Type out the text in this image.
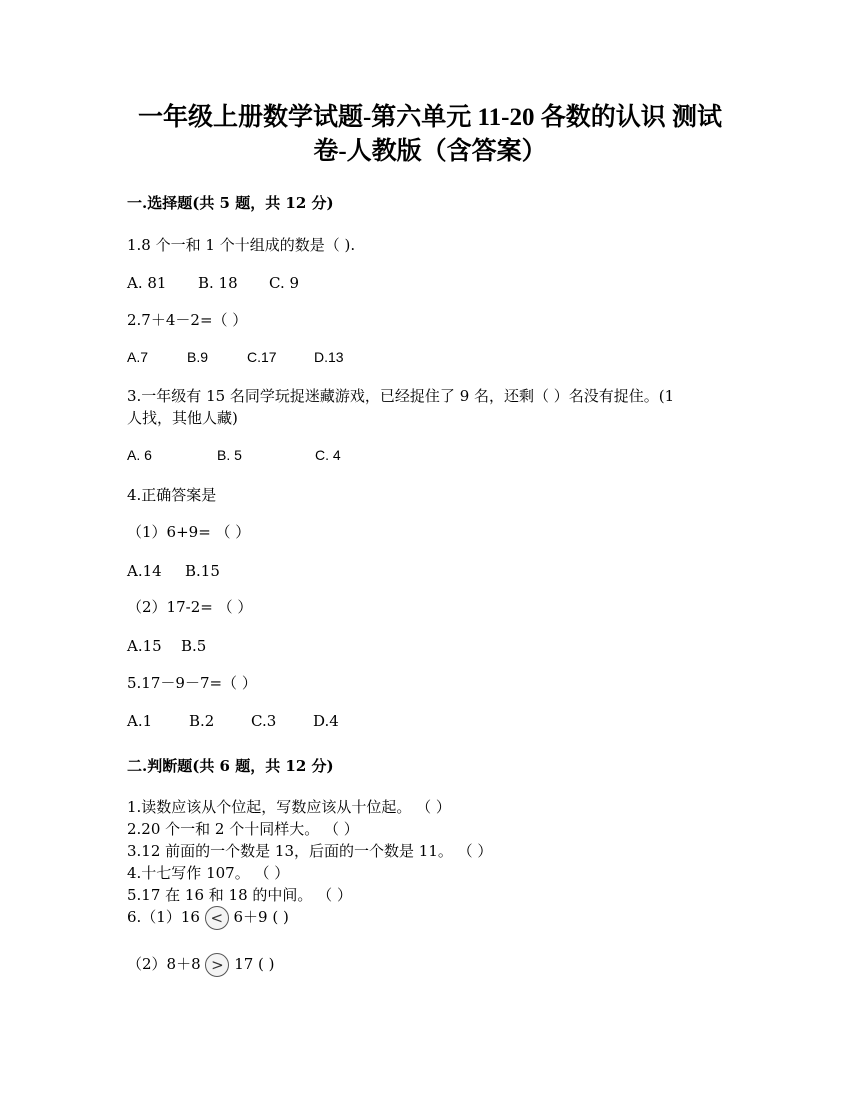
一年级上册数学试题-第六单元 11-20 各数的认识 测试
卷-人教版（含答案）
一.选择题(共 5 题，共 12 分)
1.8 个一和 1 个十组成的数是（ ).
A. 81 B. 18 C. 9
2.7＋4－2=（ ）
A.7	B.9	C.17	D.13
3.一年级有 15 名同学玩捉迷藏游戏，已经捉住了 9 名，还剩（ ）名没有捉住。(1
人找，其他人藏)
A. 6	B. 5	C. 4
4.正确答案是
（1）6+9= （ ）
A.14 B.15
（2）17-2= （ ）
A.15 B.5
5.17－9－7=（ ）
A.1 B.2 C.3 D.4
二.判断题(共 6 题，共 12 分)
1.读数应该从个位起，写数应该从十位起。 （ ）
2.20 个一和 2 个十同样大。 （ ）
3.12 前面的一个数是 13，后面的一个数是 11。 （ ）
4.十七写作 107。 （ ）
5.17 在 16 和 18 的中间。 （ ）
6.（1）16 < 6＋9 ( )
（2）8＋8 > 17 ( )
